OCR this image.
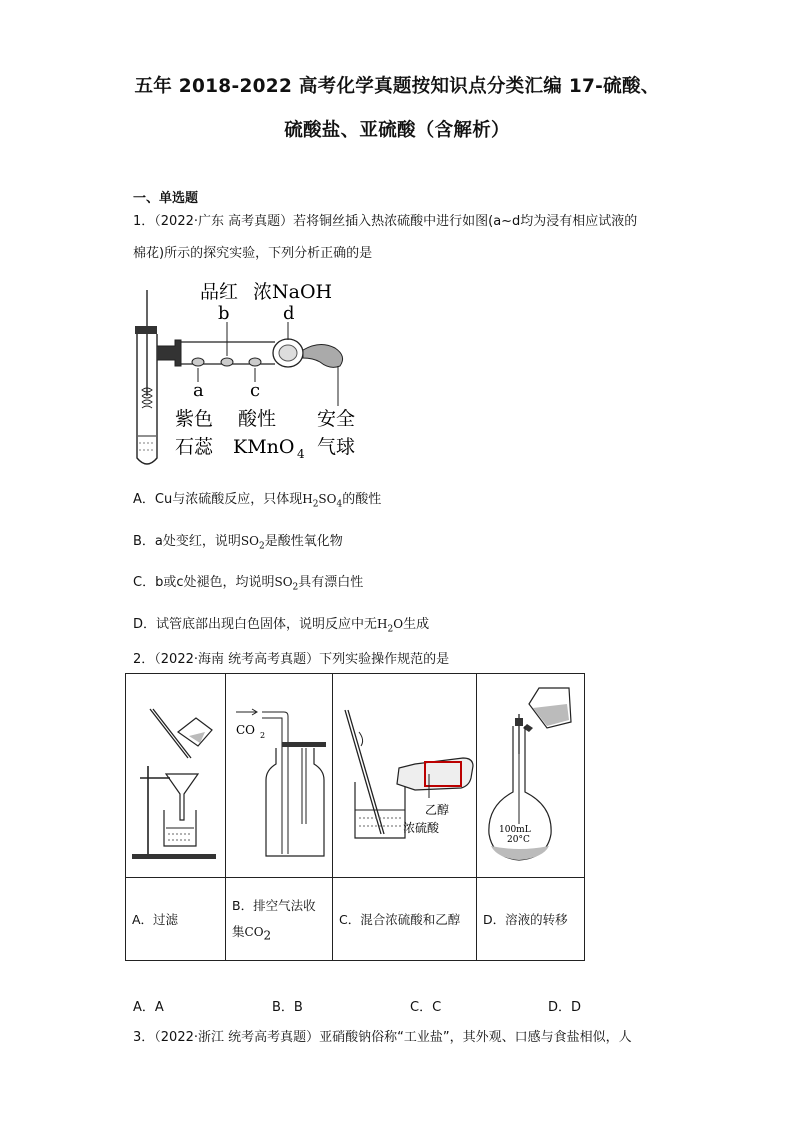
五年 2018-2022 高考化学真题按知识点分类汇编 17-硫酸、
硫酸盐、亚硫酸（含解析）
一、单选题
1．（2022·广东 高考真题）若将铜丝插入热浓硫酸中进行如图(a~d均为浸有相应试液的
棉花)所示的探究实验，下列分析正确的是
品红 浓NaOH
b	d
a	c
紫色
石蕊
酸性
KMnO 4
安全
气球
A．Cu与浓硫酸反应，只体现$H_2SO_4$的酸性
B．a处变红，说明$SO_2$是酸性氧化物
C．b或c处褪色，均说明$SO_2$具有漂白性
D．试管底部出现白色固体，说明反应中无$H_2O$生成
2．（2022·海南 统考高考真题）下列实验操作规范的是

CO 2	乙醇
浓硫酸	100mL
20°C

A．过滤	B．排空气法收
集$CO_2$	C．混合浓硫酸和乙醇	D．溶液的转移
A．A	B．B	C．C	D．D
3．（2022·浙江 统考高考真题）亚硝酸钠俗称“工业盐”，其外观、口感与食盐相似，人
